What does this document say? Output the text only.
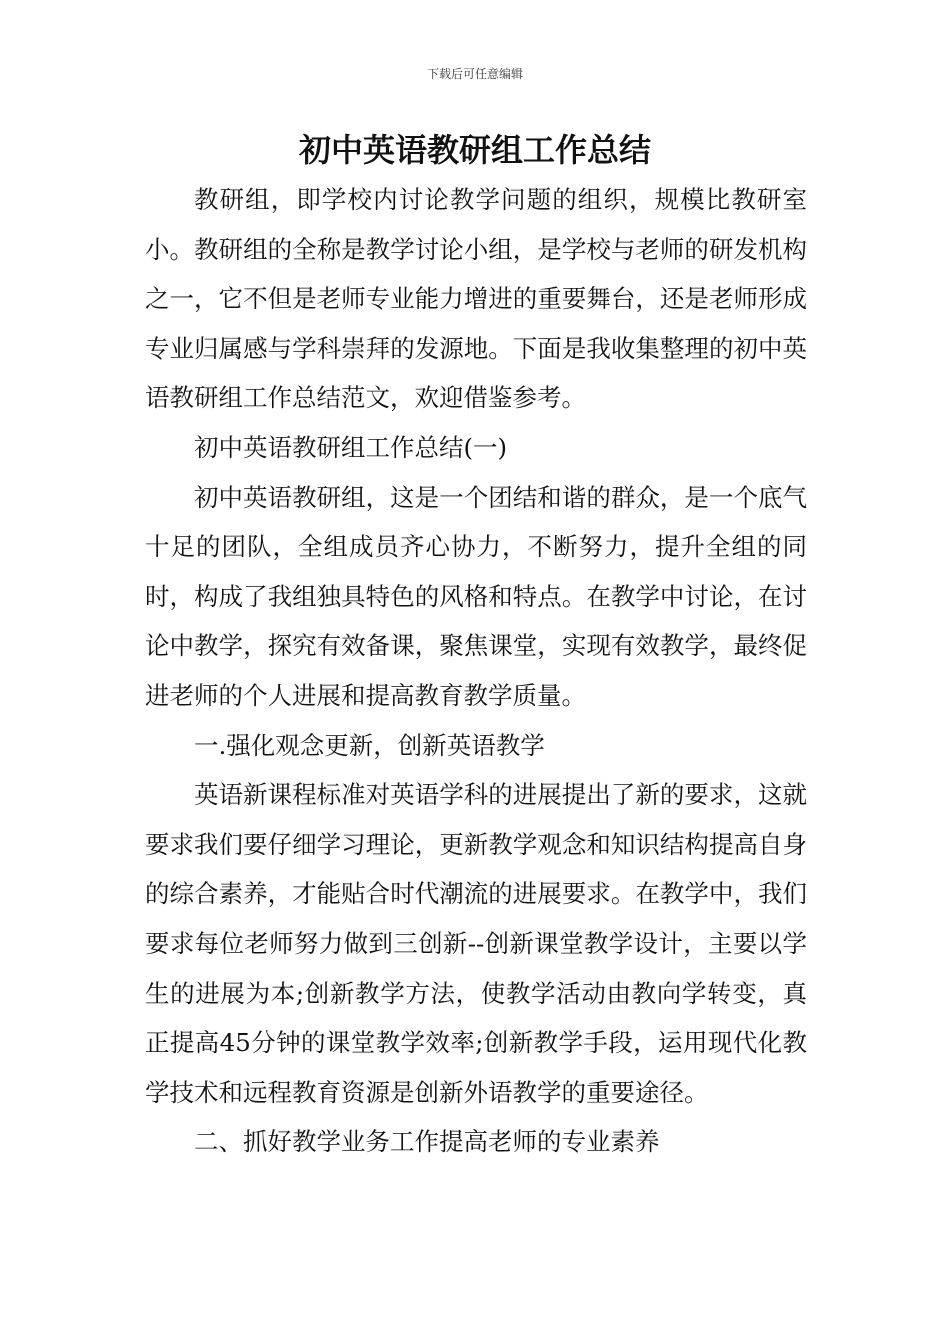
下载后可任意编辑
初中英语教研组工作总结

教研组，即学校内讨论教学问题的组织，规模比教研室小。教研组的全称是教学讨论小组，是学校与老师的研发机构之一，它不但是老师专业能力增进的重要舞台，还是老师形成专业归属感与学科崇拜的发源地。下面是我收集整理的初中英语教研组工作总结范文，欢迎借鉴参考。

初中英语教研组工作总结(一)

初中英语教研组，这是一个团结和谐的群众，是一个底气十足的团队，全组成员齐心协力，不断努力，提升全组的同时，构成了我组独具特色的风格和特点。在教学中讨论，在讨论中教学，探究有效备课，聚焦课堂，实现有效教学，最终促进老师的个人进展和提高教育教学质量。

一.强化观念更新，创新英语教学

英语新课程标准对英语学科的进展提出了新的要求，这就要求我们要仔细学习理论，更新教学观念和知识结构提高自身的综合素养，才能贴合时代潮流的进展要求。在教学中，我们要求每位老师努力做到三创新--创新课堂教学设计，主要以学生的进展为本;创新教学方法，使教学活动由教向学转变，真正提高45分钟的课堂教学效率;创新教学手段，运用现代化教学技术和远程教育资源是创新外语教学的重要途径。

二、抓好教学业务工作提高老师的专业素养
